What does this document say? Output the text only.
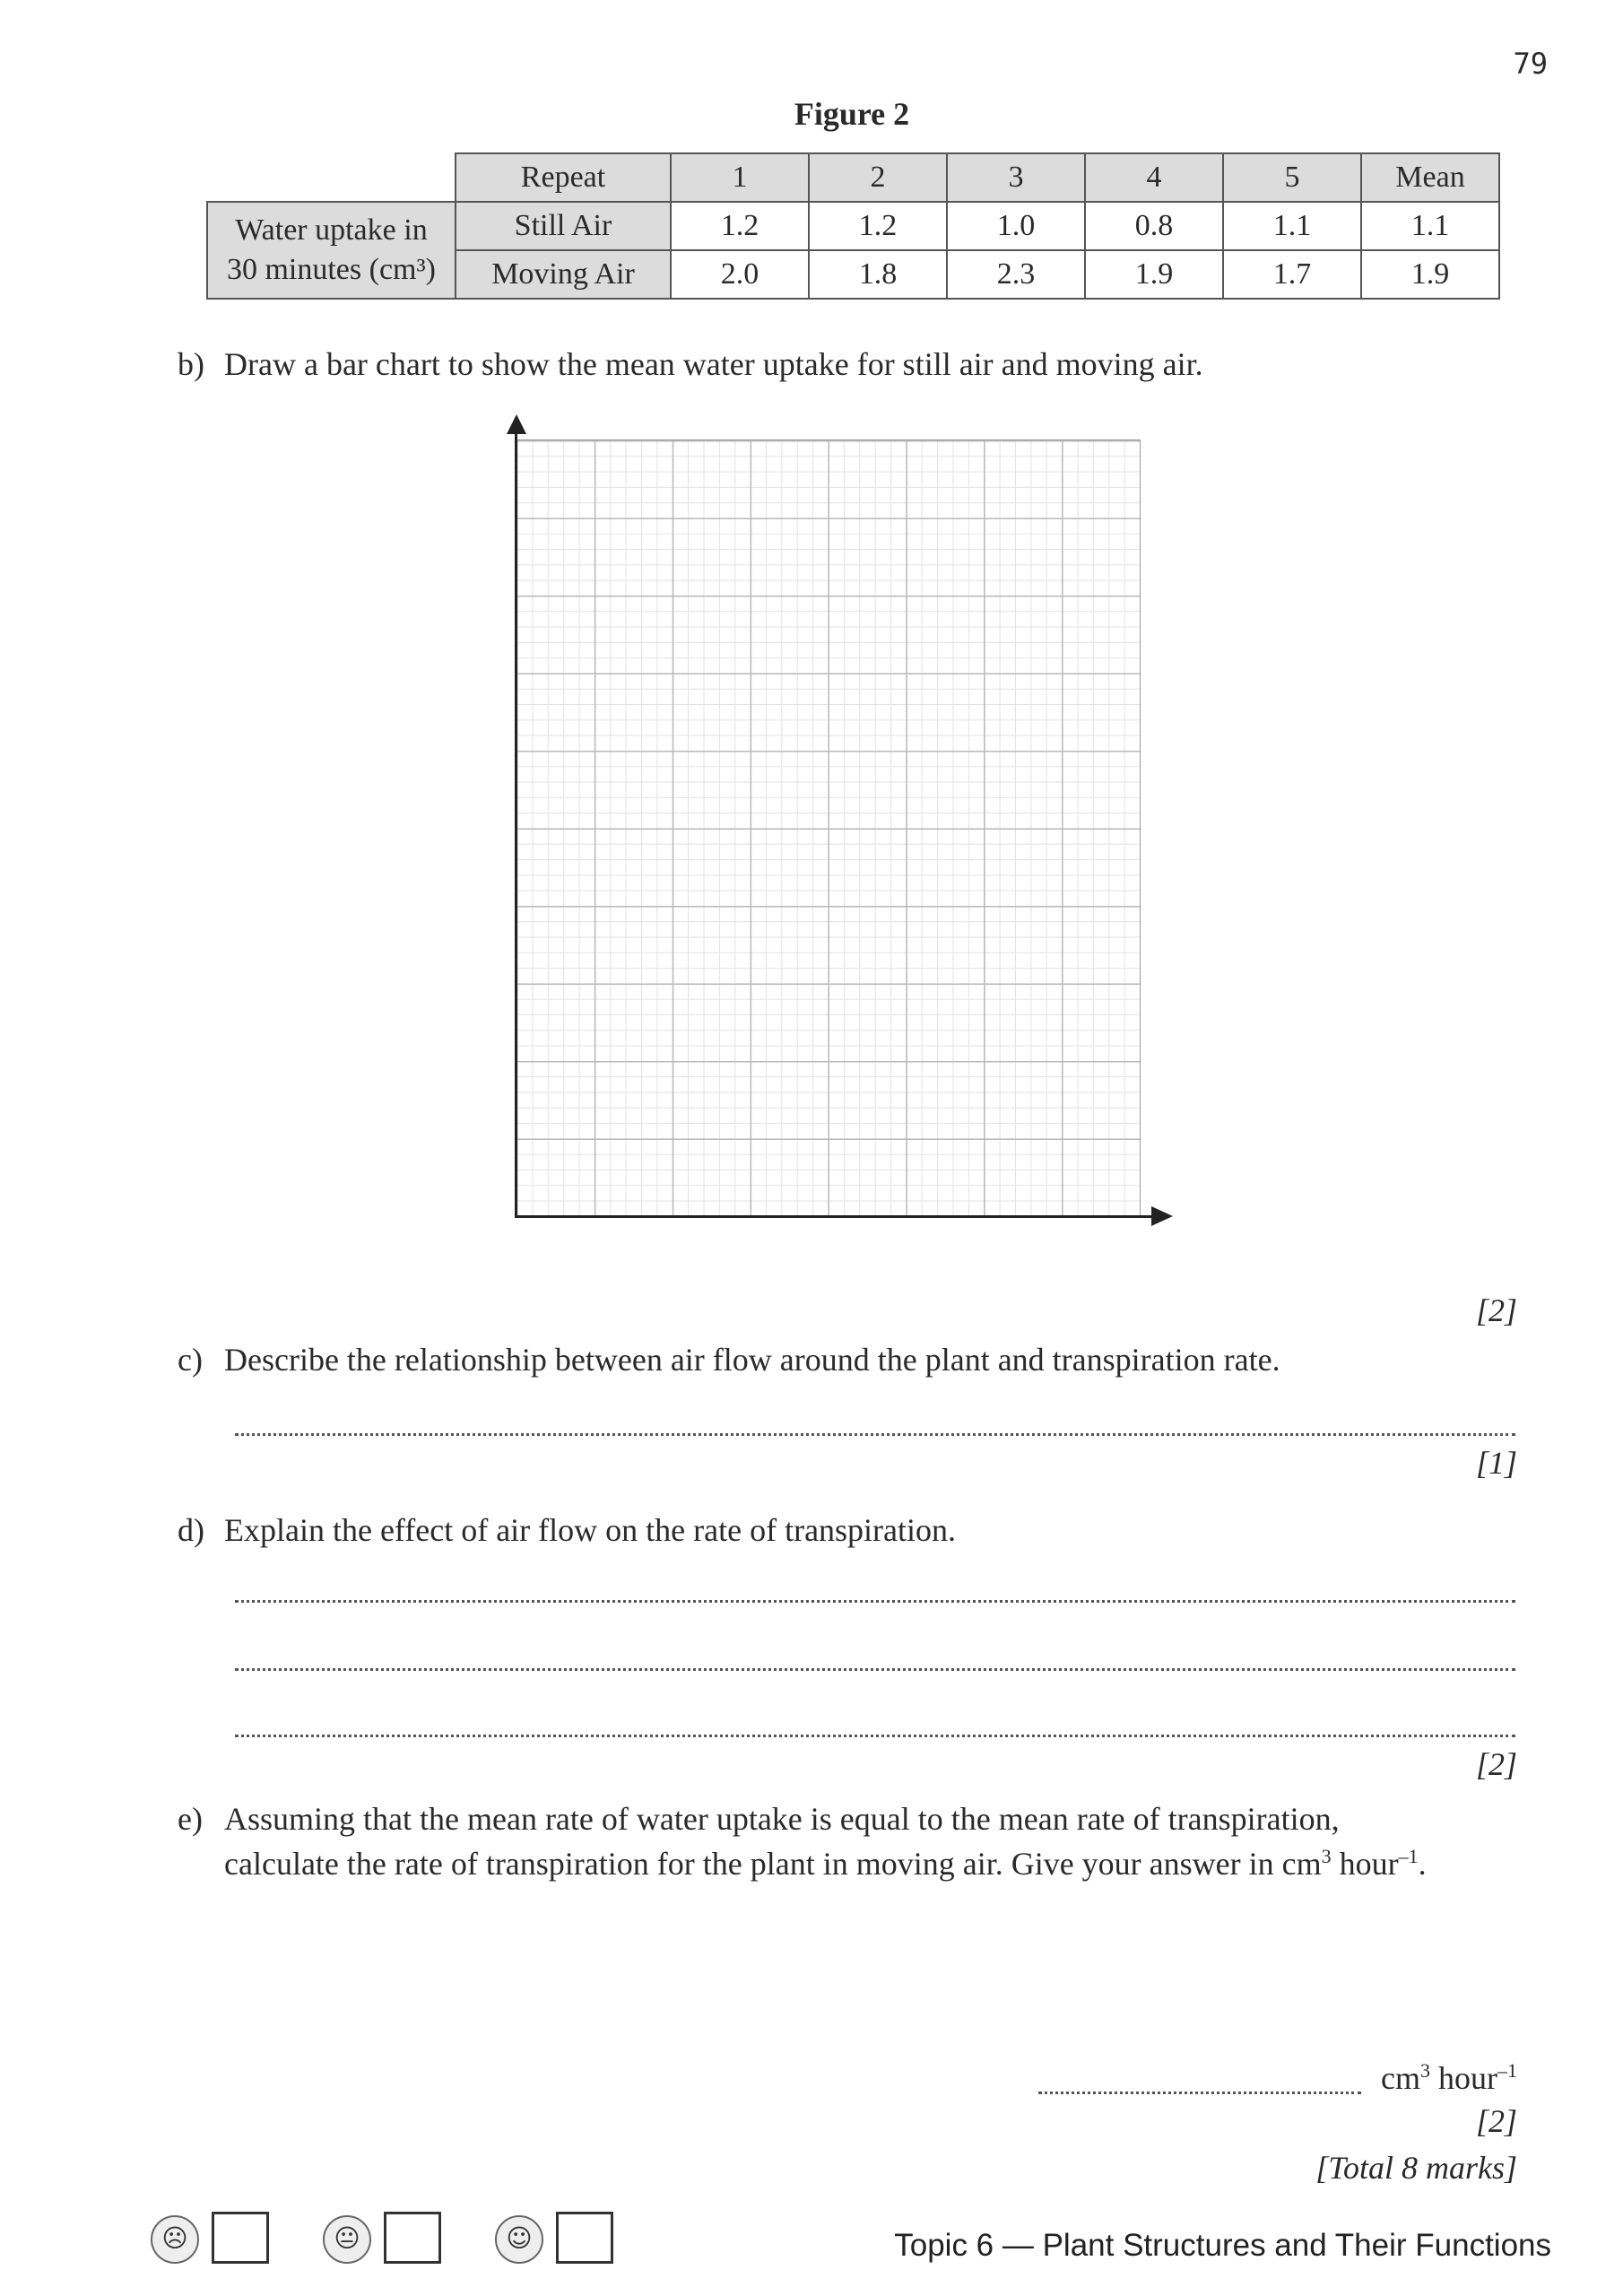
79
Figure 2
	Repeat	1	2	3	4	5	Mean

Water uptake in
30 minutes (cm³)	Still Air	1.2	1.2	1.0	0.8	1.1	1.1
	Moving Air	2.0	1.8	2.3	1.9	1.7	1.9
b) Draw a bar chart to show the mean water uptake for still air and moving air.
[2]
c) Describe the relationship between air flow around the plant and transpiration rate.
[1]
d) Explain the effect of air flow on the rate of transpiration.
[2]
e) Assuming that the mean rate of water uptake is equal to the mean rate of transpiration,
calculate the rate of transpiration for the plant in moving air. Give your answer in $cm^3$ hour$^{-1}$.
$cm^3$ hour$^{-1}$
[2]
[Total 8 marks]
☹	😐	☺	Topic 6 — Plant Structures and Their Functions
